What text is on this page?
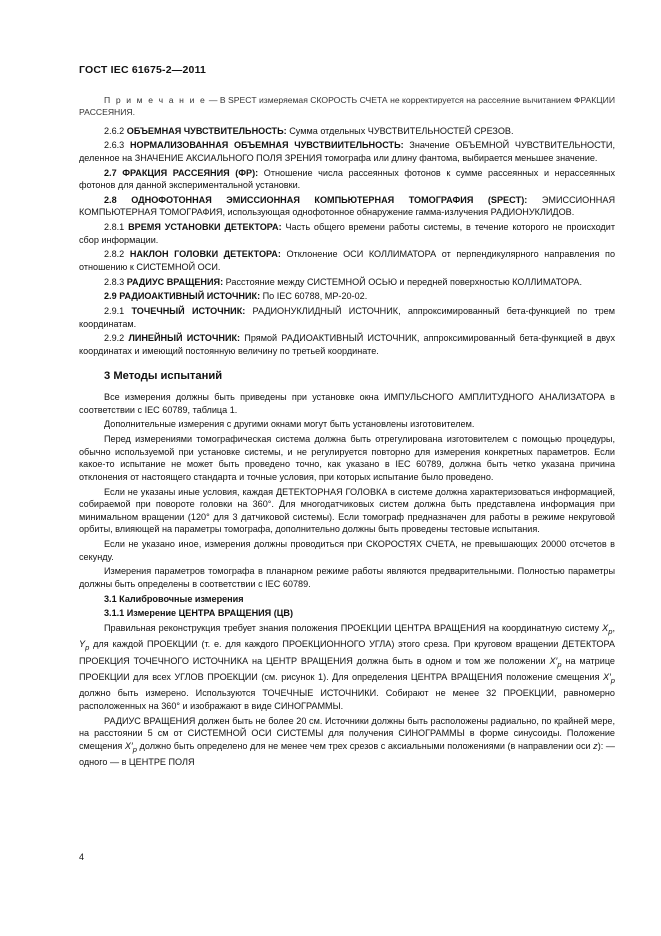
ГОСТ IEC 61675-2—2011

П р и м е ч а н и е — В SPECT измеряемая СКОРОСТЬ СЧЕТА не корректируется на рассеяние вычитанием ФРАКЦИИ РАССЕЯНИЯ.

2.6.2 ОБЪЕМНАЯ ЧУВСТВИТЕЛЬНОСТЬ: Сумма отдельных ЧУВСТВИТЕЛЬНОСТЕЙ СРЕЗОВ.

2.6.3 НОРМАЛИЗОВАННАЯ ОБЪЕМНАЯ ЧУВСТВИИТЕЛЬНОСТЬ: Значение ОБЪЕМНОЙ ЧУВСТВИТЕЛЬНОСТИ, деленное на ЗНАЧЕНИЕ АКСИАЛЬНОГО ПОЛЯ ЗРЕНИЯ томографа или длину фантома, выбирается меньшее значение.

2.7 ФРАКЦИЯ РАССЕЯНИЯ (ФР): Отношение числа рассеянных фотонов к сумме рассеянных и нерассеянных фотонов для данной экспериментальной установки.

2.8 ОДНОФОТОННАЯ ЭМИССИОННАЯ КОМПЬЮТЕРНАЯ ТОМОГРАФИЯ (SPECT): ЭМИССИОННАЯ КОМПЬЮТЕРНАЯ ТОМОГРАФИЯ, использующая однофотонное обнаружение гамма-излучения РАДИОНУКЛИДОВ.

2.8.1 ВРЕМЯ УСТАНОВКИ ДЕТЕКТОРА: Часть общего времени работы системы, в течение которого не происходит сбор информации.

2.8.2 НАКЛОН ГОЛОВКИ ДЕТЕКТОРА: Отклонение ОСИ КОЛЛИМАТОРА от перпендикулярного направления по отношению к СИСТЕМНОЙ ОСИ.

2.8.3 РАДИУС ВРАЩЕНИЯ: Расстояние между СИСТЕМНОЙ ОСЬЮ и передней поверхностью КОЛЛИМАТОРА.

2.9 РАДИОАКТИВНЫЙ ИСТОЧНИК: По IEC 60788, МР-20-02.

2.9.1 ТОЧЕЧНЫЙ ИСТОЧНИК: РАДИОНУКЛИДНЫЙ ИСТОЧНИК, аппроксимированный бета-функцией по трем координатам.

2.9.2 ЛИНЕЙНЫЙ ИСТОЧНИК: Прямой РАДИОАКТИВНЫЙ ИСТОЧНИК, аппроксимированный бета-функцией в двух координатах и имеющий постоянную величину по третьей координате.

3 Методы испытаний

Все измерения должны быть приведены при установке окна ИМПУЛЬСНОГО АМПЛИТУДНОГО АНАЛИЗАТОРА в соответствии с IEC 60789, таблица 1.

Дополнительные измерения с другими окнами могут быть установлены изготовителем.

Перед измерениями томографическая система должна быть отрегулирована изготовителем с помощью процедуры, обычно используемой при установке системы, и не регулируется повторно для измерения конкретных параметров. Если какое-то испытание не может быть проведено точно, как указано в IEC 60789, должна быть четко указана причина отклонения от настоящего стандарта и точные условия, при которых испытание было проведено.

Если не указаны иные условия, каждая ДЕТЕКТОРНАЯ ГОЛОВКА в системе должна характеризоваться информацией, собираемой при повороте головки на 360°. Для многодатчиковых систем должна быть представлена информация при минимальном вращении (120° для 3 датчиковой системы). Если томограф предназначен для работы в режиме некруговой орбиты, влияющей на параметры томографа, дополнительно должны быть проведены тестовые испытания.

Если не указано иное, измерения должны проводиться при СКОРОСТЯХ СЧЕТА, не превышающих 20000 отсчетов в секунду.

Измерения параметров томографа в планарном режиме работы являются предварительными. Полностью параметры должны быть определены в соответствии с IEC 60789.

3.1 Калибровочные измерения
3.1.1 Измерение ЦЕНТРА ВРАЩЕНИЯ (ЦВ)

Правильная реконструкция требует знания положения ПРОЕКЦИИ ЦЕНТРА ВРАЩЕНИЯ на координатную систему $X_p$, $Y_p$ для каждой ПРОЕКЦИИ (т. е. для каждого ПРОЕКЦИОННОГО УГЛА) этого среза. При круговом вращении ДЕТЕКТОРА ПРОЕКЦИЯ ТОЧЕЧНОГО ИСТОЧНИКА на ЦЕНТР ВРАЩЕНИЯ должна быть в одном и том же положении $X'_p$ на матрице ПРОЕКЦИИ для всех УГЛОВ ПРОЕКЦИИ (см. рисунок 1). Для определения ЦЕНТРА ВРАЩЕНИЯ положение смещения $X'_p$ должно быть измерено. Используются ТОЧЕЧНЫЕ ИСТОЧНИКИ. Собирают не менее 32 ПРОЕКЦИИ, равномерно расположенных на 360° и изображают в виде СИНОГРАММЫ.

РАДИУС ВРАЩЕНИЯ должен быть не более 20 см. Источники должны быть расположены радиально, по крайней мере, на расстоянии 5 см от СИСТЕМНОЙ ОСИ СИСТЕМЫ для получения СИНОГРАММЫ в форме синусоиды. Положение смещения $X'_p$ должно быть определено для не менее чем трех срезов с аксиальными положениями (в направлении оси z): — одного — в ЦЕНТРЕ ПОЛЯ

4
